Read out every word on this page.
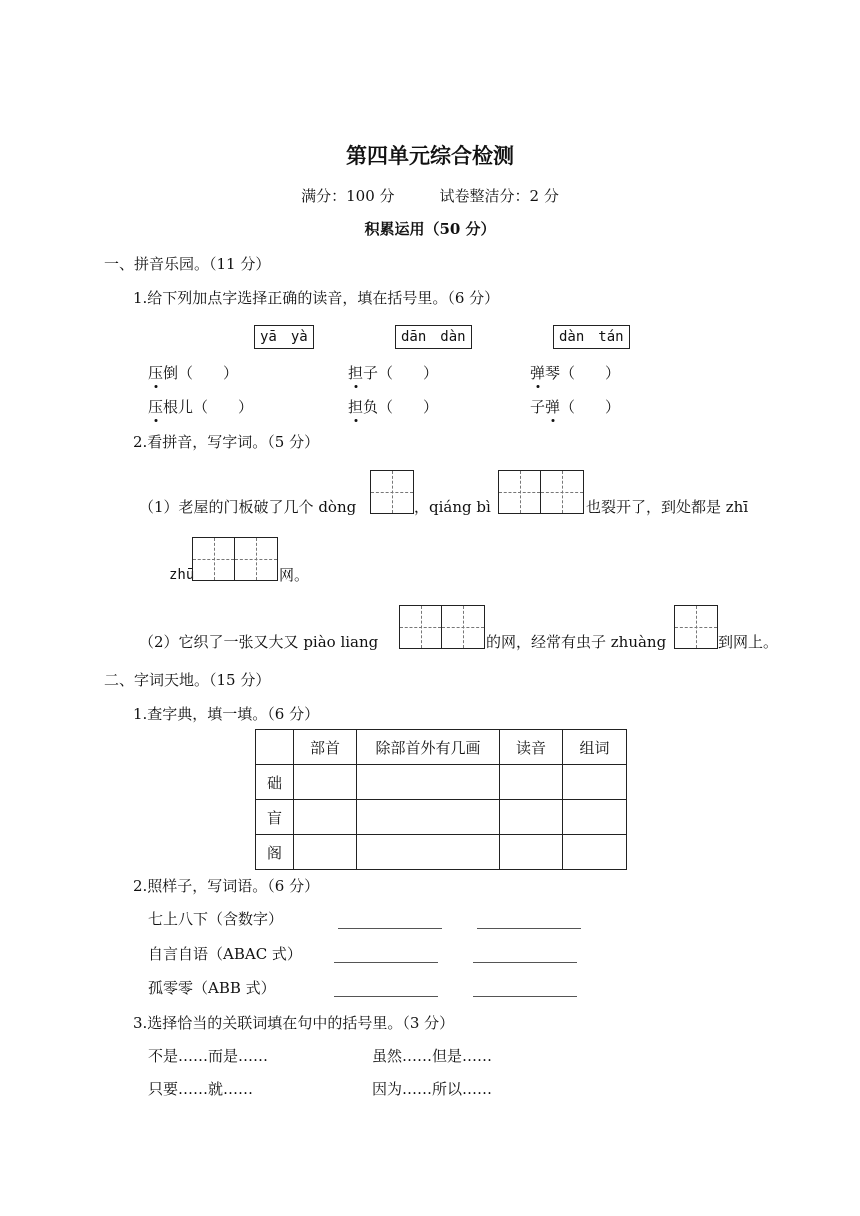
第四单元综合检测
满分：100 分　　　试卷整洁分：2 分
积累运用（50 分）
一、拼音乐园。（11 分）
1.给下列加点字选择正确的读音，填在括号里。（6 分）
yā　yà	dān　dàn	dàn　tán
压倒（　　）	担子（　　）	弹琴（　　）
压根儿（　　）	担负（　　）	子弹（　　）
2.看拼音，写字词。（5 分）
（1）老屋的门板破了几个 dòng	，qiáng bì	也裂开了，到处都是 zhī
zhū	网。
（2）它织了一张又大又 piào liang	的网，经常有虫子 zhuàng	到网上。
二、字词天地。（15 分）
1.查字典，填一填。（6 分）
	部首	除部首外有几画	读音	组词
础				
盲				
阁				
2.照样子，写词语。（6 分）
七上八下（含数字）
自言自语（ABAC 式）
孤零零（ABB 式）
3.选择恰当的关联词填在句中的括号里。（3 分）
不是……而是……	虽然……但是……
只要……就……	因为……所以……
